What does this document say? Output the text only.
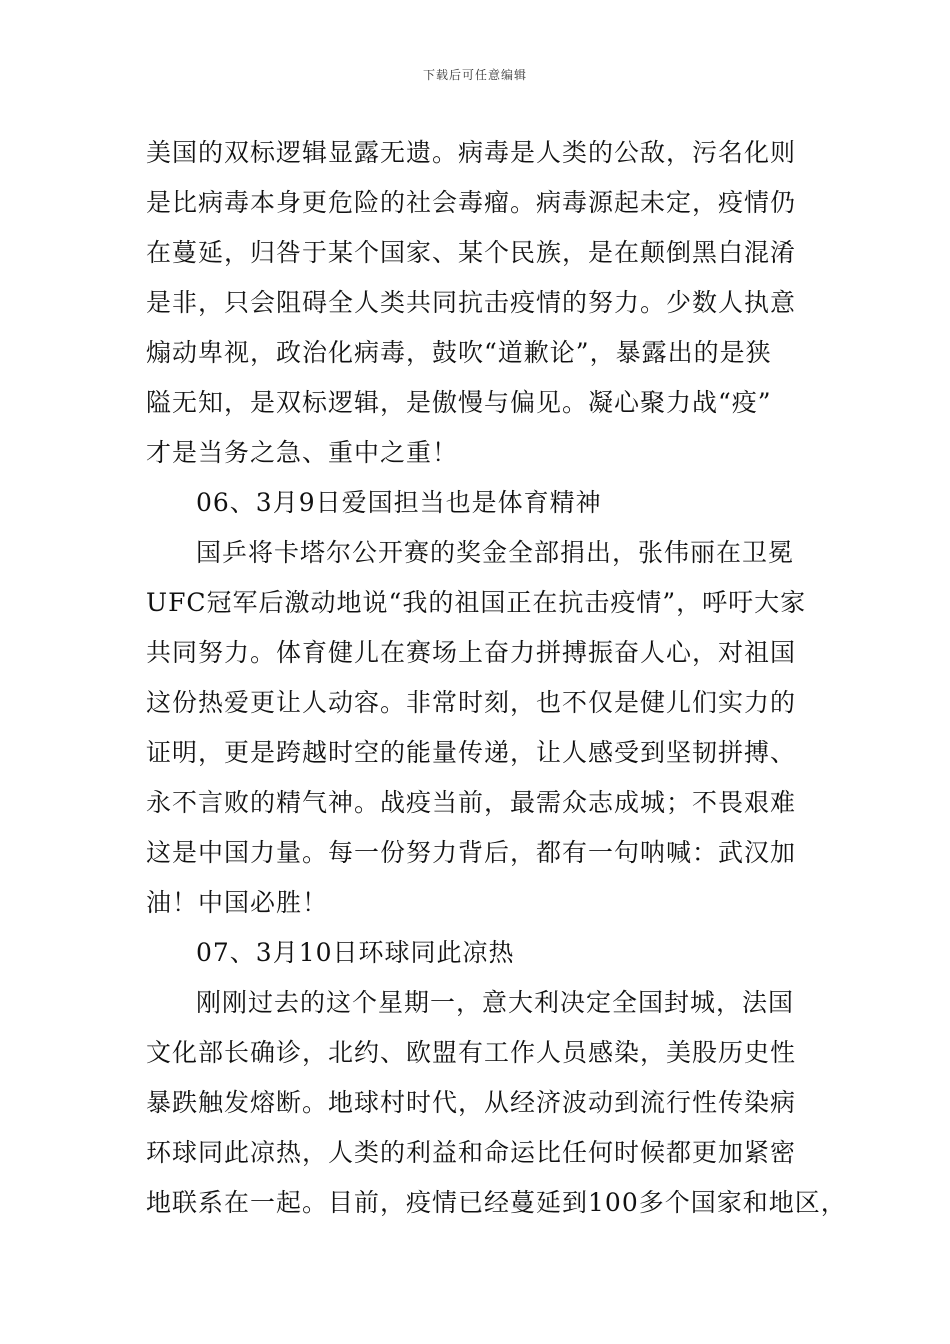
下载后可任意编辑
美国的双标逻辑显露无遗。病毒是人类的公敌，污名化则
是比病毒本身更危险的社会毒瘤。病毒源起未定，疫情仍
在蔓延，归咎于某个国家、某个民族，是在颠倒黑白混淆
是非，只会阻碍全人类共同抗击疫情的努力。少数人执意
煽动卑视，政治化病毒，鼓吹“道歉论”，暴露出的是狭
隘无知，是双标逻辑，是傲慢与偏见。凝心聚力战“疫”
才是当务之急、重中之重！
06、3月9日爱国担当也是体育精神
国乒将卡塔尔公开赛的奖金全部捐出，张伟丽在卫冕
UFC冠军后激动地说“我的祖国正在抗击疫情”，呼吁大家
共同努力。体育健儿在赛场上奋力拼搏振奋人心，对祖国
这份热爱更让人动容。非常时刻，也不仅是健儿们实力的
证明，更是跨越时空的能量传递，让人感受到坚韧拼搏、
永不言败的精气神。战疫当前，最需众志成城；不畏艰难
这是中国力量。每一份努力背后，都有一句呐喊：武汉加
油！中国必胜！
07、3月10日环球同此凉热
刚刚过去的这个星期一，意大利决定全国封城，法国
文化部长确诊，北约、欧盟有工作人员感染，美股历史性
暴跌触发熔断。地球村时代，从经济波动到流行性传染病
环球同此凉热，人类的利益和命运比任何时候都更加紧密
地联系在一起。目前，疫情已经蔓延到100多个国家和地区，
